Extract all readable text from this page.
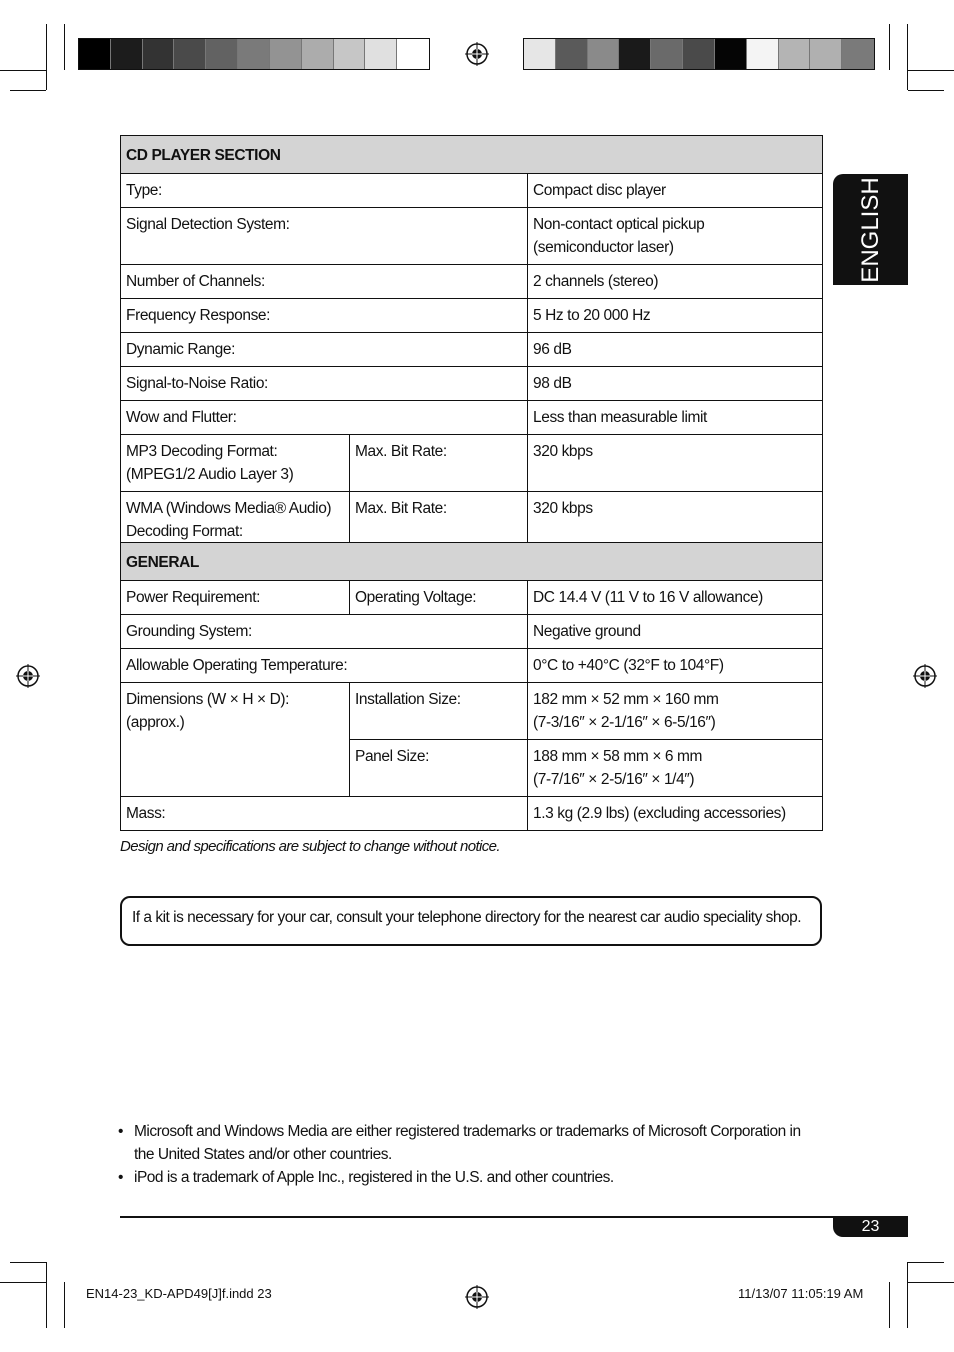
ENGLISH
CD PLAYER SECTION		
Type:		Compact disc player
Signal Detection System:		Non-contact optical pickup
(semiconductor laser)

Number of Channels:		2 channels (stereo)
Frequency Response:		5 Hz to 20 000 Hz
Dynamic Range:		96 dB
Signal-to-Noise Ratio:		98 dB
Wow and Flutter:		Less than measurable limit

MP3 Decoding Format:
(MPEG1/2 Audio Layer 3)	Max. Bit Rate:	320 kbps

WMA (Windows Media® Audio)
Decoding Format:	Max. Bit Rate:	320 kbps
GENERAL		
Power Requirement:	Operating Voltage:	DC 14.4 V (11 V to 16 V allowance)
Grounding System:		Negative ground
Allowable Operating Temperature:		0°C to +40°C (32°F to 104°F)
Dimensions (W × H × D): (approx.)	Installation Size:	182 mm × 52 mm × 160 mm
(7-3/16″ × 2-1/16″ × 6-5/16″)

	Panel Size:	188 mm × 58 mm × 6 mm
(7-7/16″ × 2-5/16″ × 1/4″)

Mass:		1.3 kg (2.9 lbs) (excluding accessories)
Design and specifications are subject to change without notice.
If a kit is necessary for your car, consult your telephone directory for the nearest car audio speciality shop.
• Microsoft and Windows Media are either registered trademarks or trademarks of Microsoft Corporation in the United States and/or other countries.
• iPod is a trademark of Apple Inc., registered in the U.S. and other countries.
23
EN14-23_KD-APD49[J]f.indd 23	11/13/07 11:05:19 AM
